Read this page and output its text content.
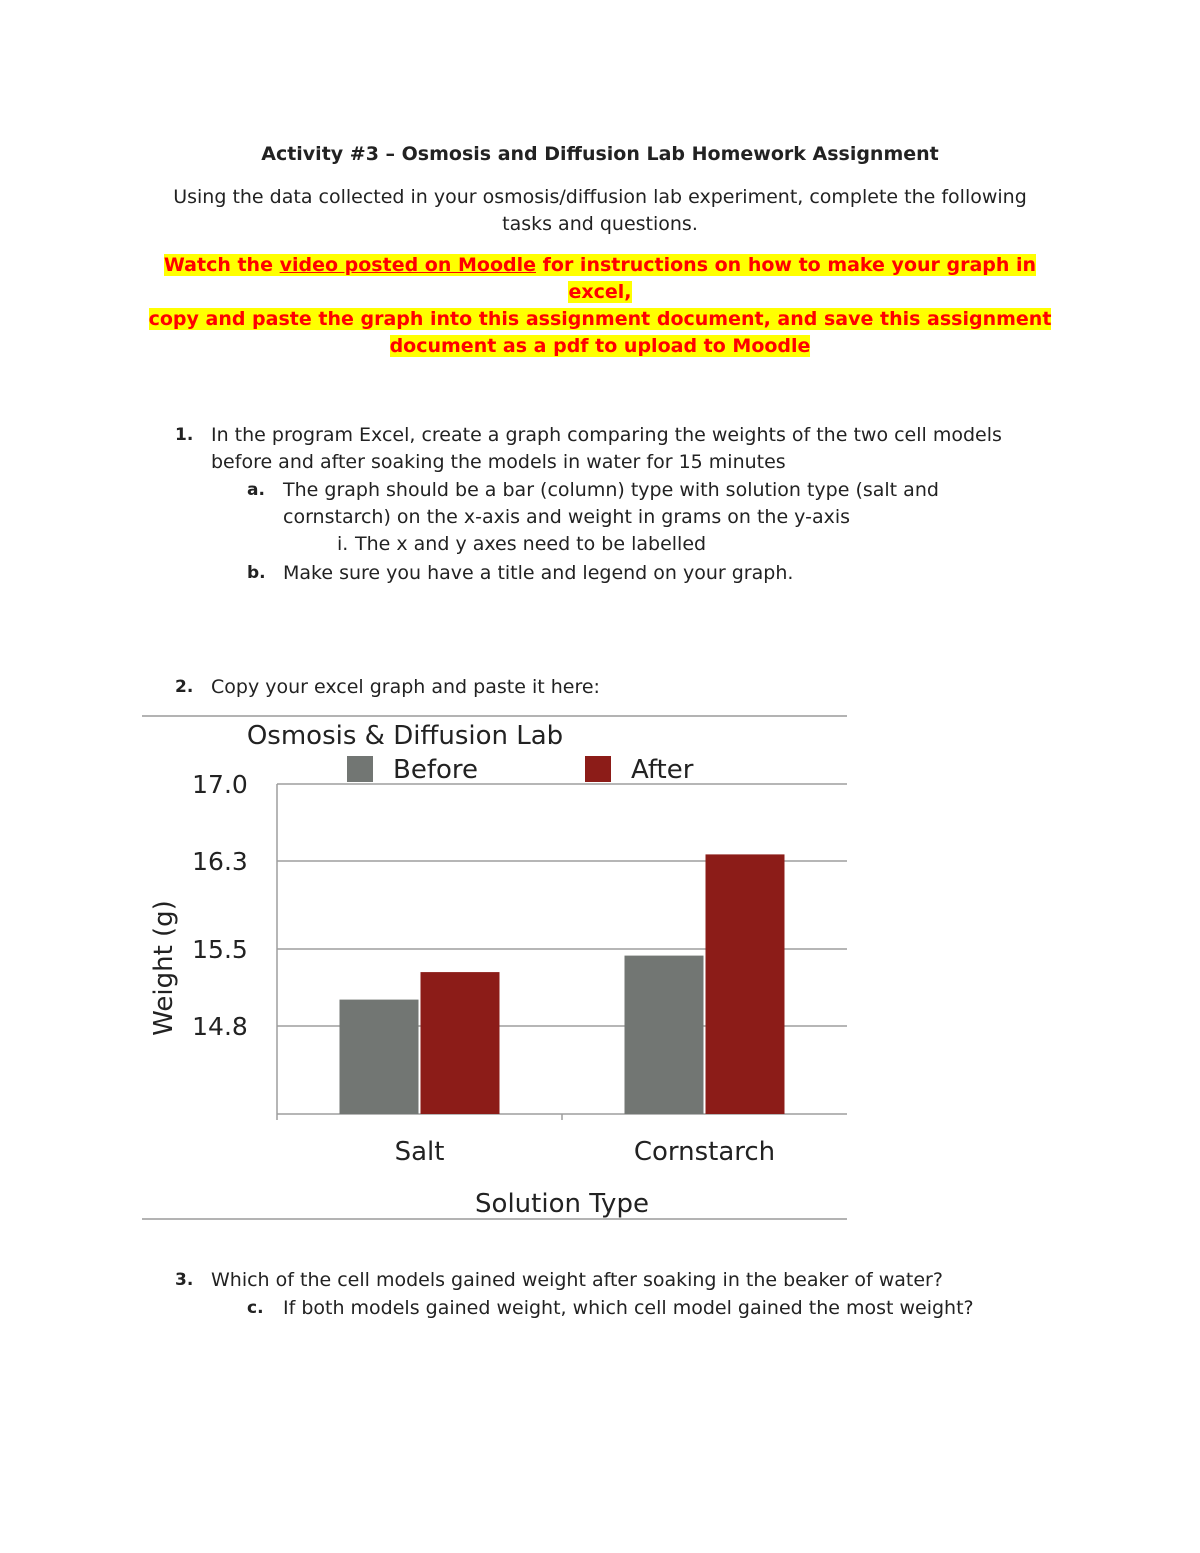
Activity #3 – Osmosis and Diffusion Lab Homework Assignment
Using the data collected in your osmosis/diffusion lab experiment, complete the following
tasks and questions.
Watch the video posted on Moodle for instructions on how to make your graph in excel,
copy and paste the graph into this assignment document, and save this assignment
document as a pdf to upload to Moodle
1. In the program Excel, create a graph comparing the weights of the two cell models
before and after soaking the models in water for 15 minutes
a. The graph should be a bar (column) type with solution type (salt and
cornstarch) on the x-axis and weight in grams on the y-axis
i. The x and y axes need to be labelled
b. Make sure you have a title and legend on your graph.
2. Copy your excel graph and paste it here:
Osmosis & Diffusion Lab
Before	After
17.0
16.3
15.5
14.8
Salt	Cornstarch
Weight (g)
Solution Type
3. Which of the cell models gained weight after soaking in the beaker of water?
c. If both models gained weight, which cell model gained the most weight?
